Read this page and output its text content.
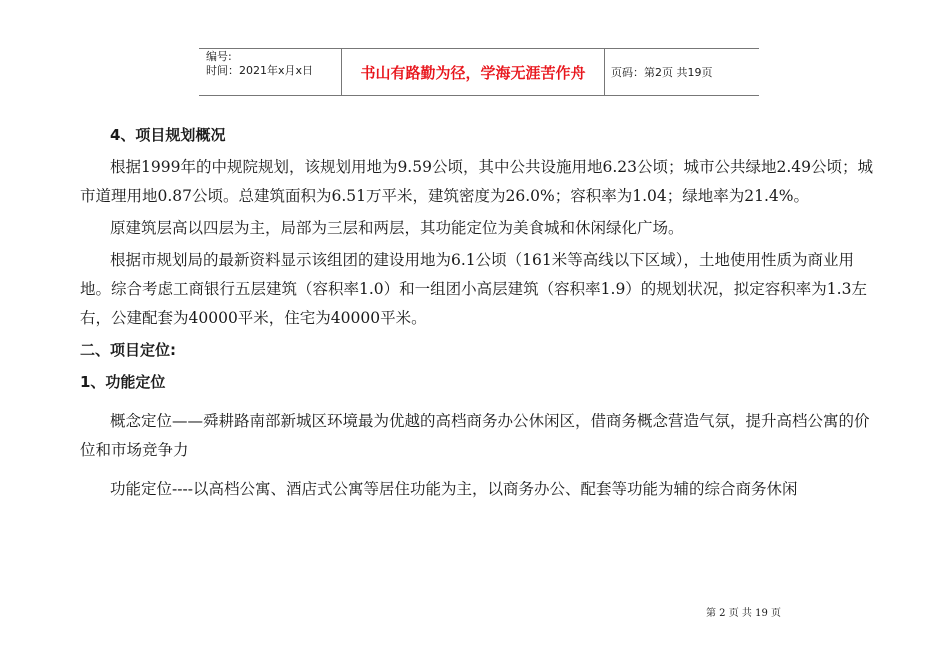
编号:
时间：2021年x月x日	书山有路勤为径，学海无涯苦作舟	页码：第2页 共19页

4、项目规划概况

根据1999年的中规院规划，该规划用地为9.59公顷，其中公共设施用地6.23公顷；城市公共绿地2.49公顷；城市道理用地0.87公顷。总建筑面积为6.51万平米，建筑密度为26.0%；容积率为1.04；绿地率为21.4%。

原建筑层高以四层为主，局部为三层和两层，其功能定位为美食城和休闲绿化广场。

根据市规划局的最新资料显示该组团的建设用地为6.1公顷（161米等高线以下区域），土地使用性质为商业用地。综合考虑工商银行五层建筑（容积率1.0）和一组团小高层建筑（容积率1.9）的规划状况，拟定容积率为1.3左右，公建配套为40000平米，住宅为40000平米。

二、项目定位:

1、功能定位

概念定位——舜耕路南部新城区环境最为优越的高档商务办公休闲区，借商务概念营造气氛，提升高档公寓的价位和市场竞争力

功能定位----以高档公寓、酒店式公寓等居住功能为主，以商务办公、配套等功能为辅的综合商务休闲

第 2 页 共 19 页
